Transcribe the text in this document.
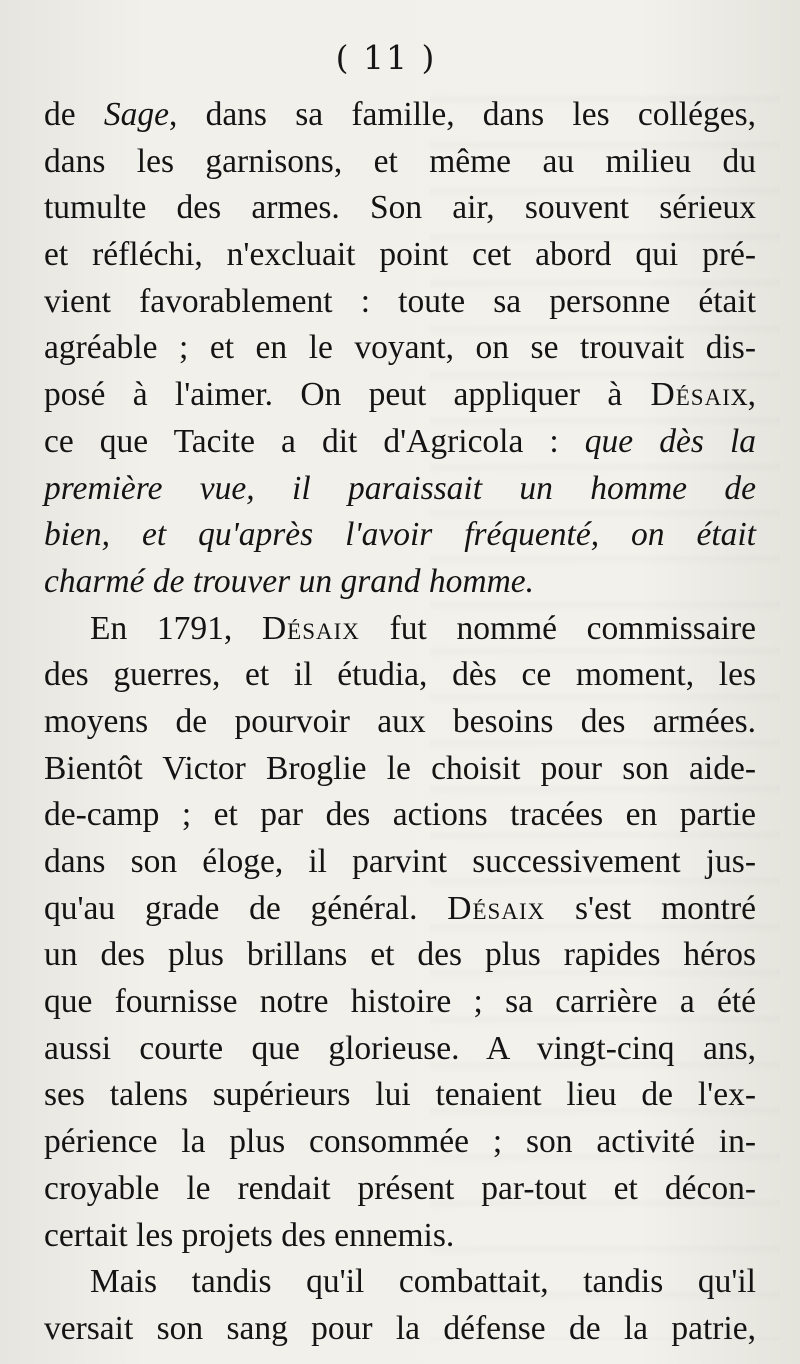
( 11 )
de Sage, dans sa famille, dans les colléges,
dans les garnisons, et même au milieu du
tumulte des armes. Son air, souvent sérieux
et réfléchi, n'excluait point cet abord qui pré-
vient favorablement : toute sa personne était
agréable ; et en le voyant, on se trouvait dis-
posé à l'aimer. On peut appliquer à Désaix,
ce que Tacite a dit d'Agricola : que dès la
première vue, il paraissait un homme de
bien, et qu'après l'avoir fréquenté, on était
charmé de trouver un grand homme.
En 1791, Désaix fut nommé commissaire
des guerres, et il étudia, dès ce moment, les
moyens de pourvoir aux besoins des armées.
Bientôt Victor Broglie le choisit pour son aide-
de-camp ; et par des actions tracées en partie
dans son éloge, il parvint successivement jus-
qu'au grade de général. Désaix s'est montré
un des plus brillans et des plus rapides héros
que fournisse notre histoire ; sa carrière a été
aussi courte que glorieuse. A vingt-cinq ans,
ses talens supérieurs lui tenaient lieu de l'ex-
périence la plus consommée ; son activité in-
croyable le rendait présent par-tout et décon-
certait les projets des ennemis.
Mais tandis qu'il combattait, tandis qu'il
versait son sang pour la défense de la patrie,
